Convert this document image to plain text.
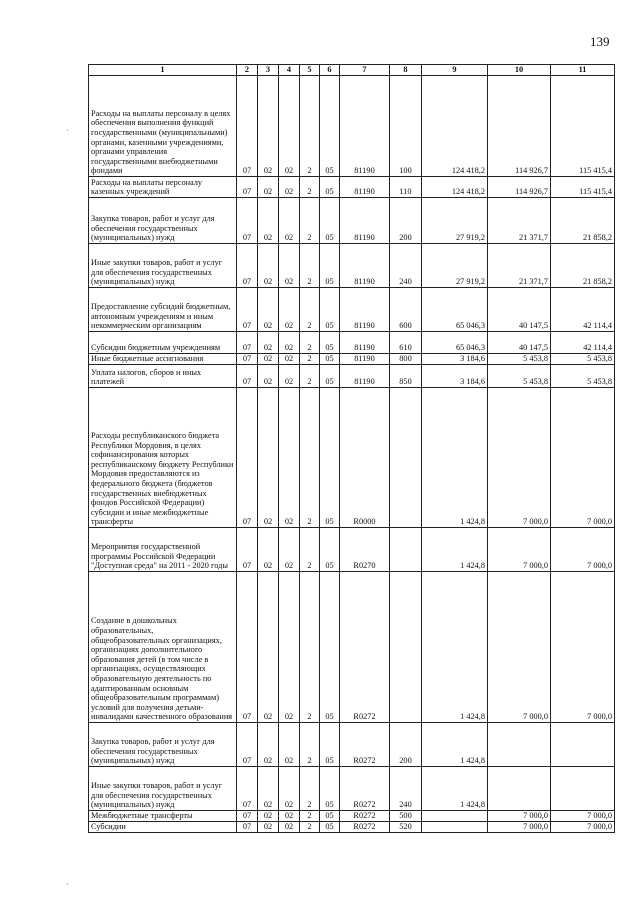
139
1	2	3	4	5	6	7	8	9	10	11
Расходы на выплаты персоналу в целях обеспечения выполнения функций государственными (муниципальными) органами, казенными учреждениями, органами управления государственными внебюджетными фондами	07	02	02	2	05	81190	100	124 418,2	114 926,7	115 415,4
Расходы на выплаты персоналу казенных учреждений	07	02	02	2	05	81190	110	124 418,2	114 926,7	115 415,4
Закупка товаров, работ и услуг для обеспечения государственных (муниципальных) нужд	07	02	02	2	05	81190	200	27 919,2	21 371,7	21 858,2
Иные закупки товаров, работ и услуг для обеспечения государственных (муниципальных) нужд	07	02	02	2	05	81190	240	27 919,2	21 371,7	21 858,2
Предоставление субсидий бюджетным, автономным учреждениям и иным некоммерческим организациям	07	02	02	2	05	81190	600	65 046,3	40 147,5	42 114,4
Субсидии бюджетным учреждениям	07	02	02	2	05	81190	610	65 046,3	40 147,5	42 114,4
Иные бюджетные ассигнования	07	02	02	2	05	81190	800	3 184,6	5 453,8	5 453,8
Уплата налогов, сборов и иных платежей	07	02	02	2	05	81190	850	3 184,6	5 453,8	5 453,8
Расходы республиканского бюджета Республики Мордовия, в целях софинансирования которых республиканскому бюджету Республики Мордовия предоставляются из федерального бюджета (бюджетов государственных внебюджетных фондов Российской Федерации) субсидии и иные межбюджетные трансферты	07	02	02	2	05	R0000		1 424,8	7 000,0	7 000,0
Мероприятия государственной программы Российской Федерации "Доступная среда" на 2011 - 2020 годы	07	02	02	2	05	R0270		1 424,8	7 000,0	7 000,0
Создание в дошкольных образовательных, общеобразовательных организациях, организациях дополнительного образования детей (в том числе в организациях, осуществляющих образовательную деятельность по адаптированным основным общеобразовательным программам) условий для получения детьми-инвалидами качественного образования	07	02	02	2	05	R0272		1 424,8	7 000,0	7 000,0
Закупка товаров, работ и услуг для обеспечения государственных (муниципальных) нужд	07	02	02	2	05	R0272	200	1 424,8		
Иные закупки товаров, работ и услуг для обеспечения государственных (муниципальных) нужд	07	02	02	2	05	R0272	240	1 424,8		
Межбюджетные трансферты	07	02	02	2	05	R0272	500		7 000,0	7 000,0
Субсидии	07	02	02	2	05	R0272	520		7 000,0	7 000,0
·
·
